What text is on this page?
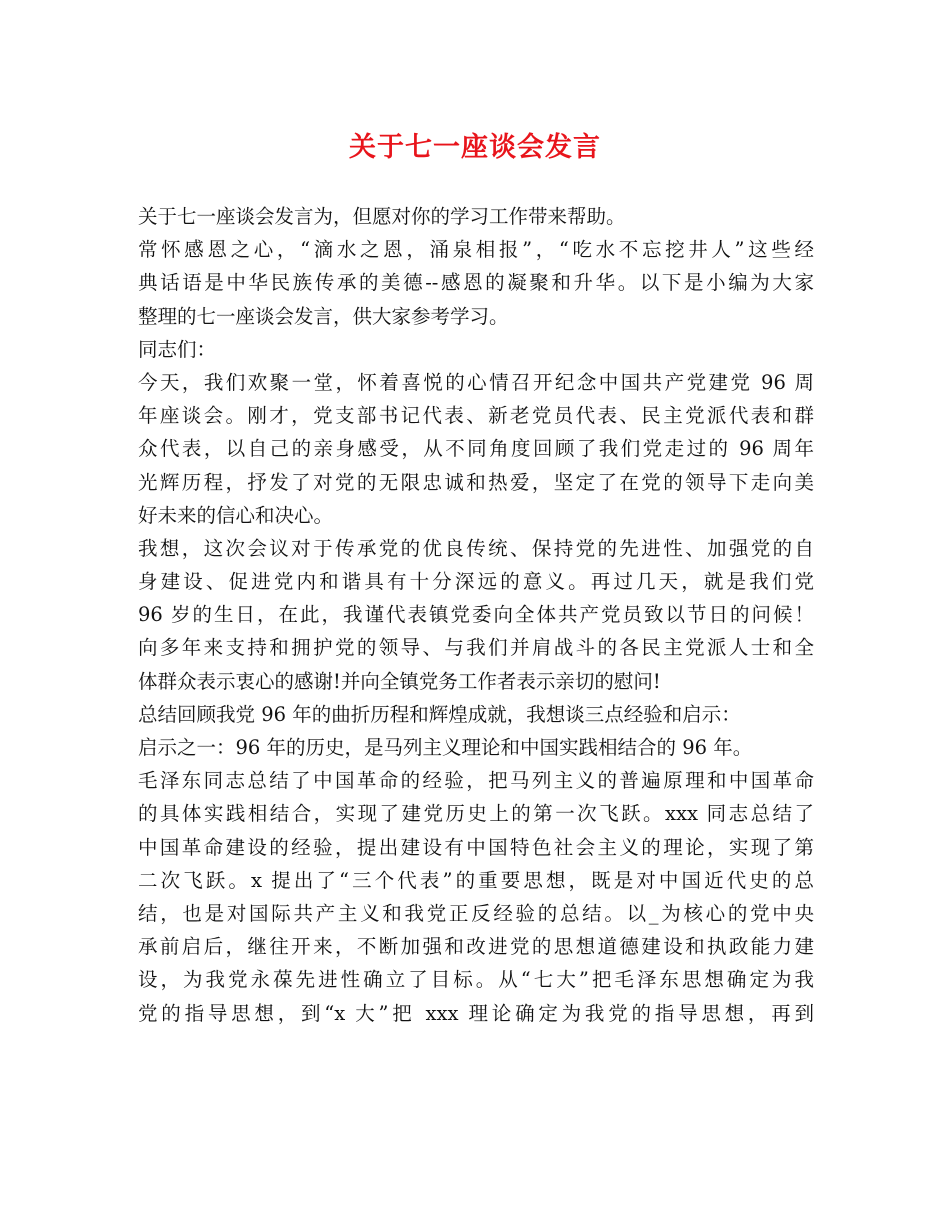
关于七一座谈会发言
关于七一座谈会发言为，但愿对你的学习工作带来帮助。
常怀感恩之心，“滴水之恩，涌泉相报”，“吃水不忘挖井人”这些经
典话语是中华民族传承的美德--感恩的凝聚和升华。以下是小编为大家
整理的七一座谈会发言，供大家参考学习。
同志们：
今天，我们欢聚一堂，怀着喜悦的心情召开纪念中国共产党建党 96 周
年座谈会。刚才，党支部书记代表、新老党员代表、民主党派代表和群
众代表，以自己的亲身感受，从不同角度回顾了我们党走过的 96 周年
光辉历程，抒发了对党的无限忠诚和热爱，坚定了在党的领导下走向美
好未来的信心和决心。
我想，这次会议对于传承党的优良传统、保持党的先进性、加强党的自
身建设、促进党内和谐具有十分深远的意义。再过几天，就是我们党
96 岁的生日，在此，我谨代表镇党委向全体共产党员致以节日的问候！
向多年来支持和拥护党的领导、与我们并肩战斗的各民主党派人士和全
体群众表示衷心的感谢!并向全镇党务工作者表示亲切的慰问!
总结回顾我党 96 年的曲折历程和辉煌成就，我想谈三点经验和启示：
启示之一：96 年的历史，是马列主义理论和中国实践相结合的 96 年。
毛泽东同志总结了中国革命的经验，把马列主义的普遍原理和中国革命
的具体实践相结合，实现了建党历史上的第一次飞跃。xxx 同志总结了
中国革命建设的经验，提出建设有中国特色社会主义的理论，实现了第
二次飞跃。x 提出了“三个代表”的重要思想，既是对中国近代史的总
结，也是对国际共产主义和我党正反经验的总结。以_为核心的党中央
承前启后，继往开来，不断加强和改进党的思想道德建设和执政能力建
设，为我党永葆先进性确立了目标。从“七大”把毛泽东思想确定为我
党的指导思想，到“x 大”把 xxx 理论确定为我党的指导思想，再到
